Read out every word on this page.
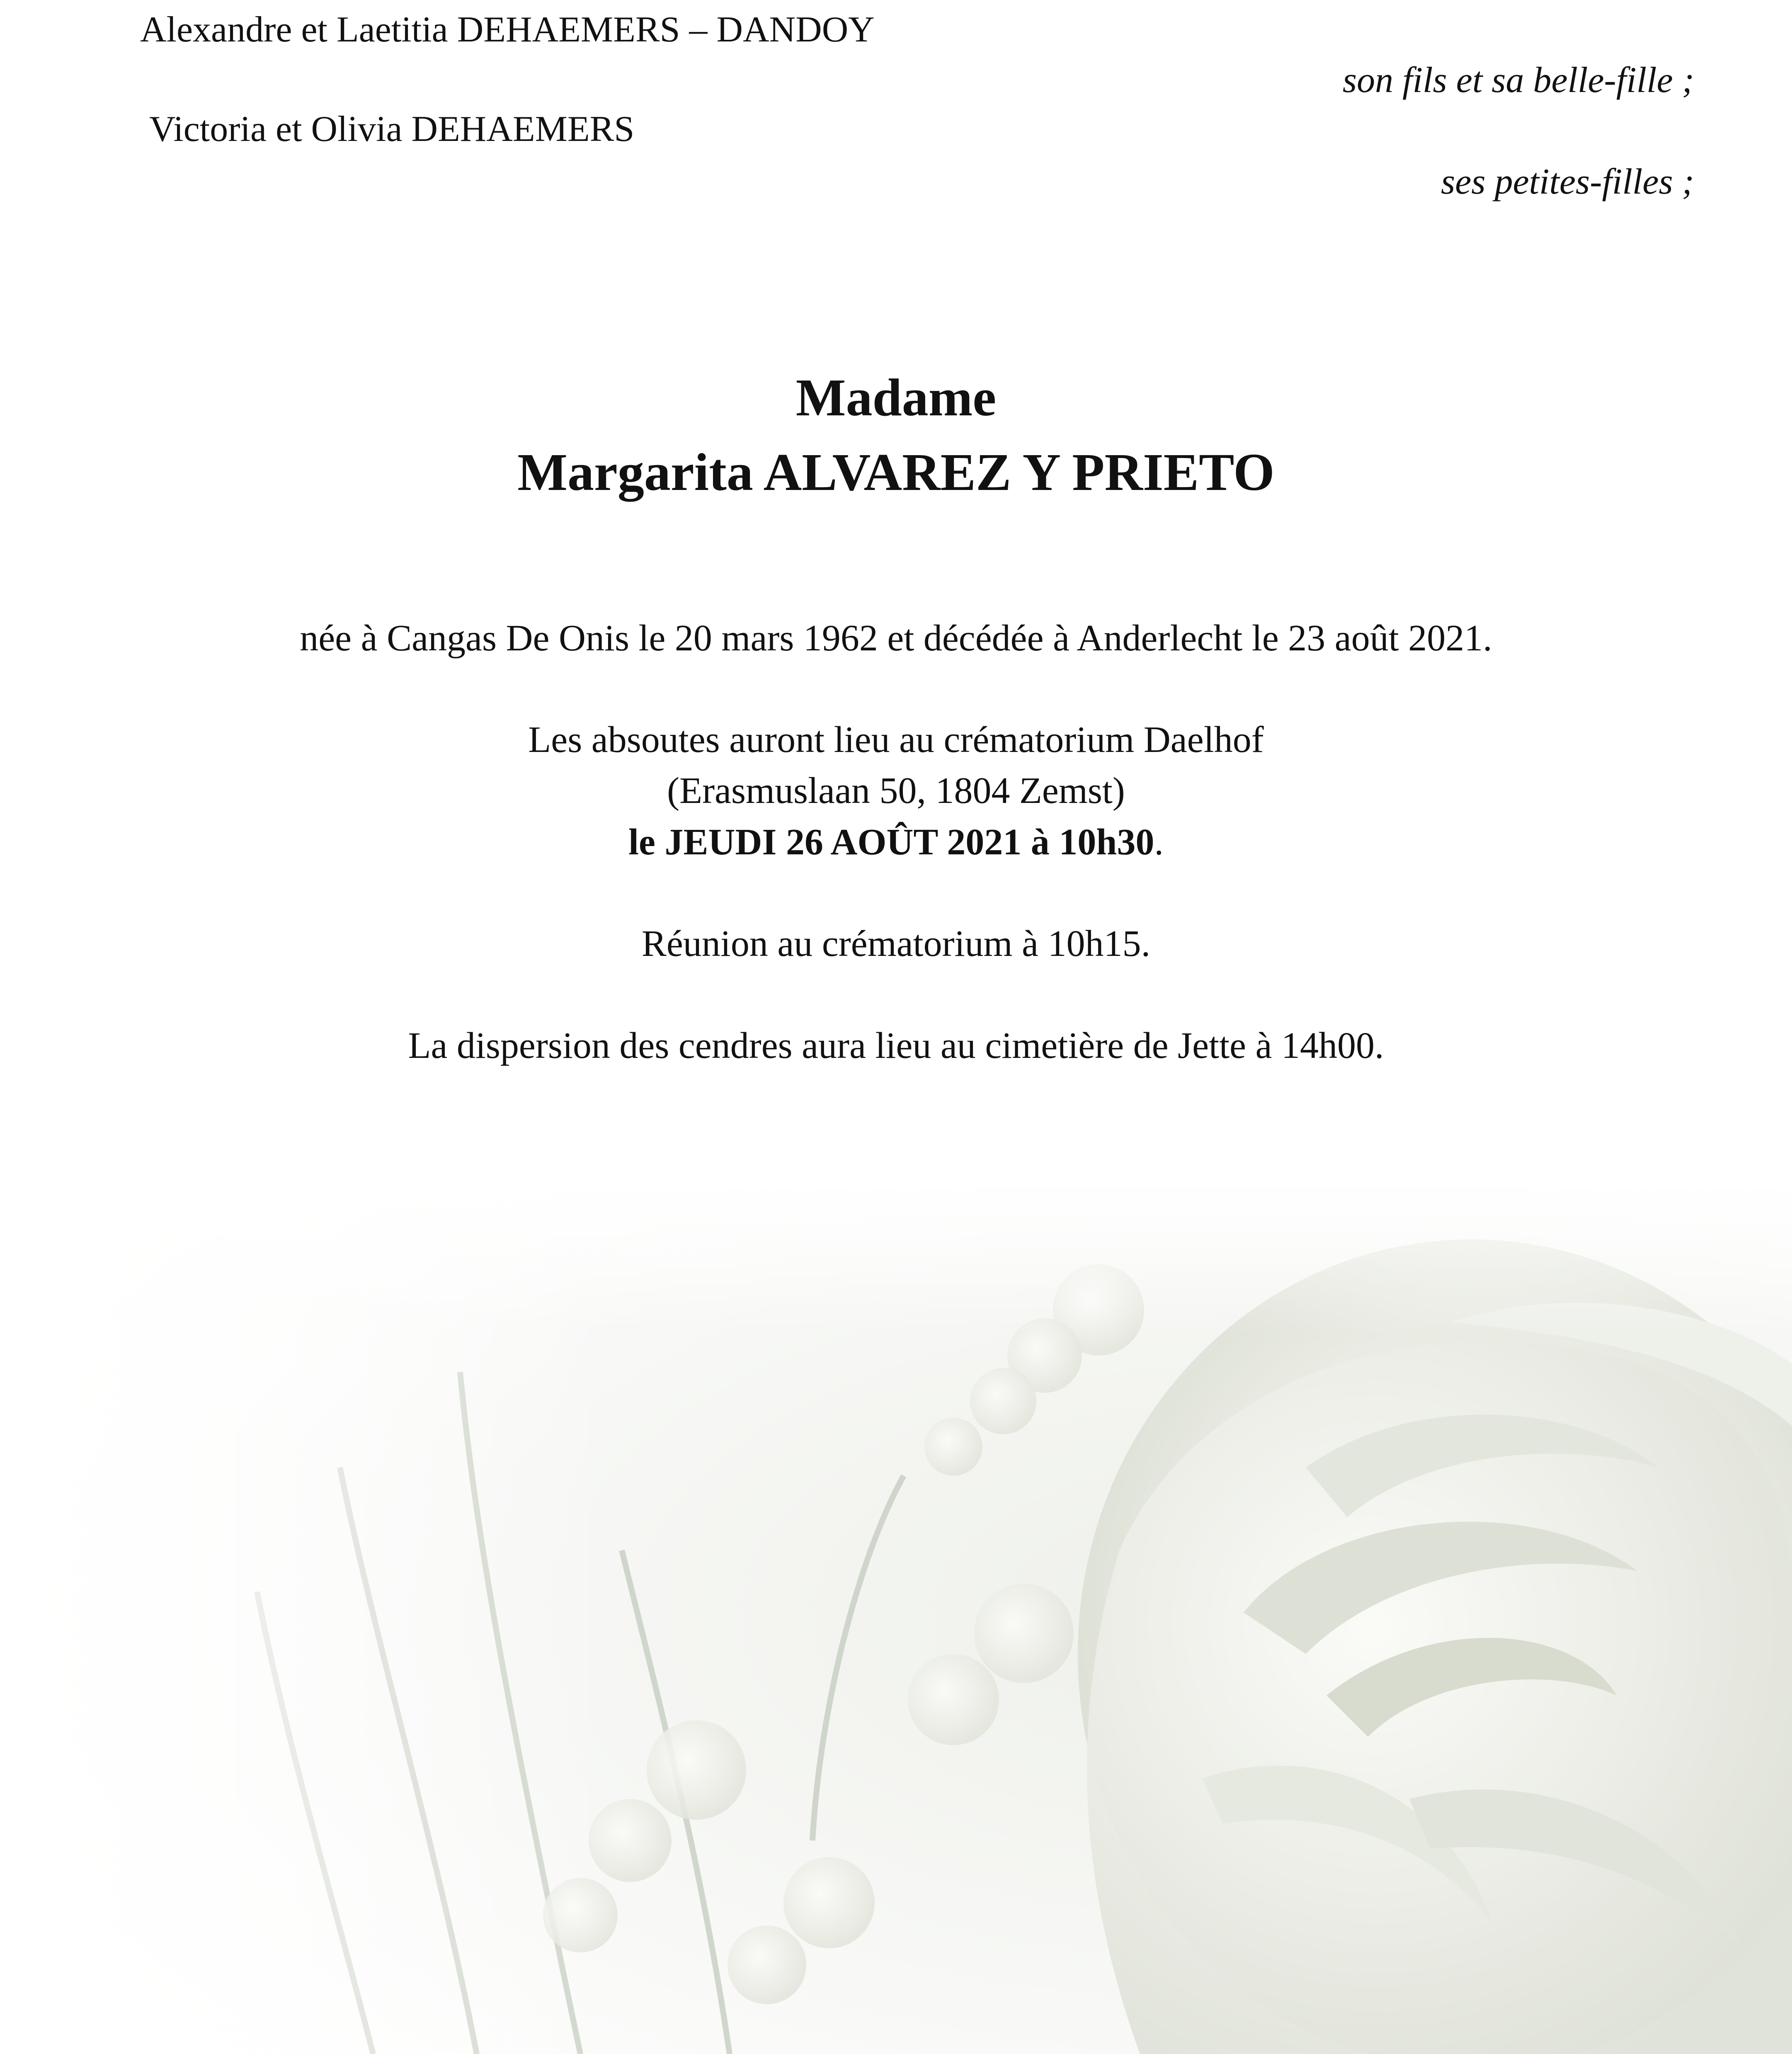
Alexandre et Laetitia DEHAEMERS – DANDOY
son fils et sa belle-fille ;
Victoria et Olivia DEHAEMERS
ses petites-filles ;
Madame
Margarita ALVAREZ Y PRIETO
née à Cangas De Onis le 20 mars 1962 et décédée à Anderlecht le 23 août 2021.
Les absoutes auront lieu au crématorium Daelhof
(Erasmuslaan 50, 1804 Zemst)
le JEUDI 26 AOÛT 2021 à 10h30.
Réunion au crématorium à 10h15.
La dispersion des cendres aura lieu au cimetière de Jette à 14h00.
